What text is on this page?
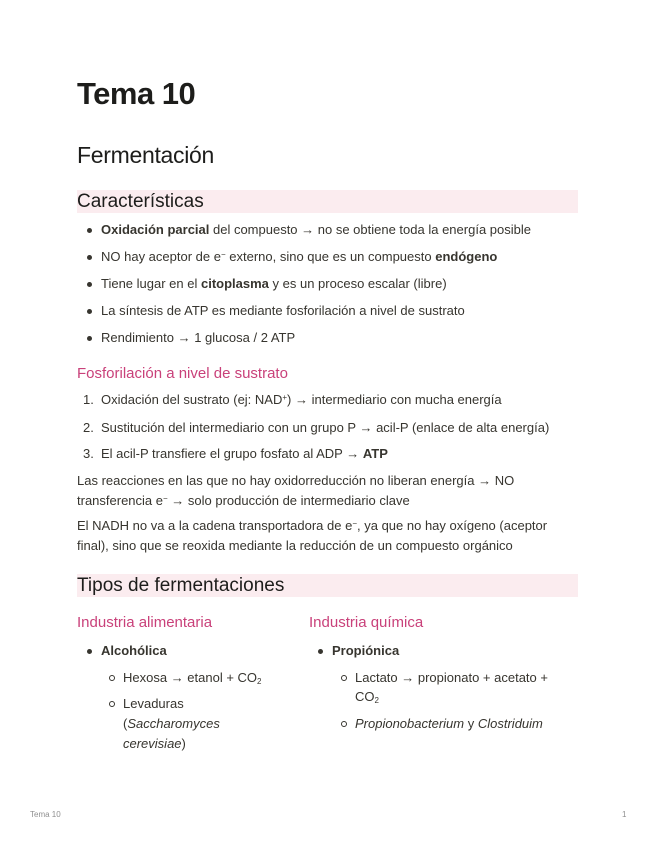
Tema 10
Fermentación
Características
Oxidación parcial del compuesto → no se obtiene toda la energía posible
NO hay aceptor de e− externo, sino que es un compuesto endógeno
Tiene lugar en el citoplasma y es un proceso escalar (libre)
La síntesis de ATP es mediante fosforilación a nivel de sustrato
Rendimiento → 1 glucosa / 2 ATP
Fosforilación a nivel de sustrato
1. Oxidación del sustrato (ej: NAD+) → intermediario con mucha energía
2. Sustitución del intermediario con un grupo P → acil-P (enlace de alta energía)
3. El acil-P transfiere el grupo fosfato al ADP → ATP
Las reacciones en las que no hay oxidorreducción no liberan energía → NO
transferencia e− → solo producción de intermediario clave
El NADH no va a la cadena transportadora de e−, ya que no hay oxígeno (aceptor
final), sino que se reoxida mediante la reducción de un compuesto orgánico
Tipos de fermentaciones
Industria alimentaria
Alcohólica
Hexosa → etanol + $CO_2$
Levaduras
(Saccharomyces
cerevisiae)
Industria química
Propiónica
Lactato → propionato + acetato +
$CO_2$
Propionobacterium y Clostriduim
Tema 10	1
